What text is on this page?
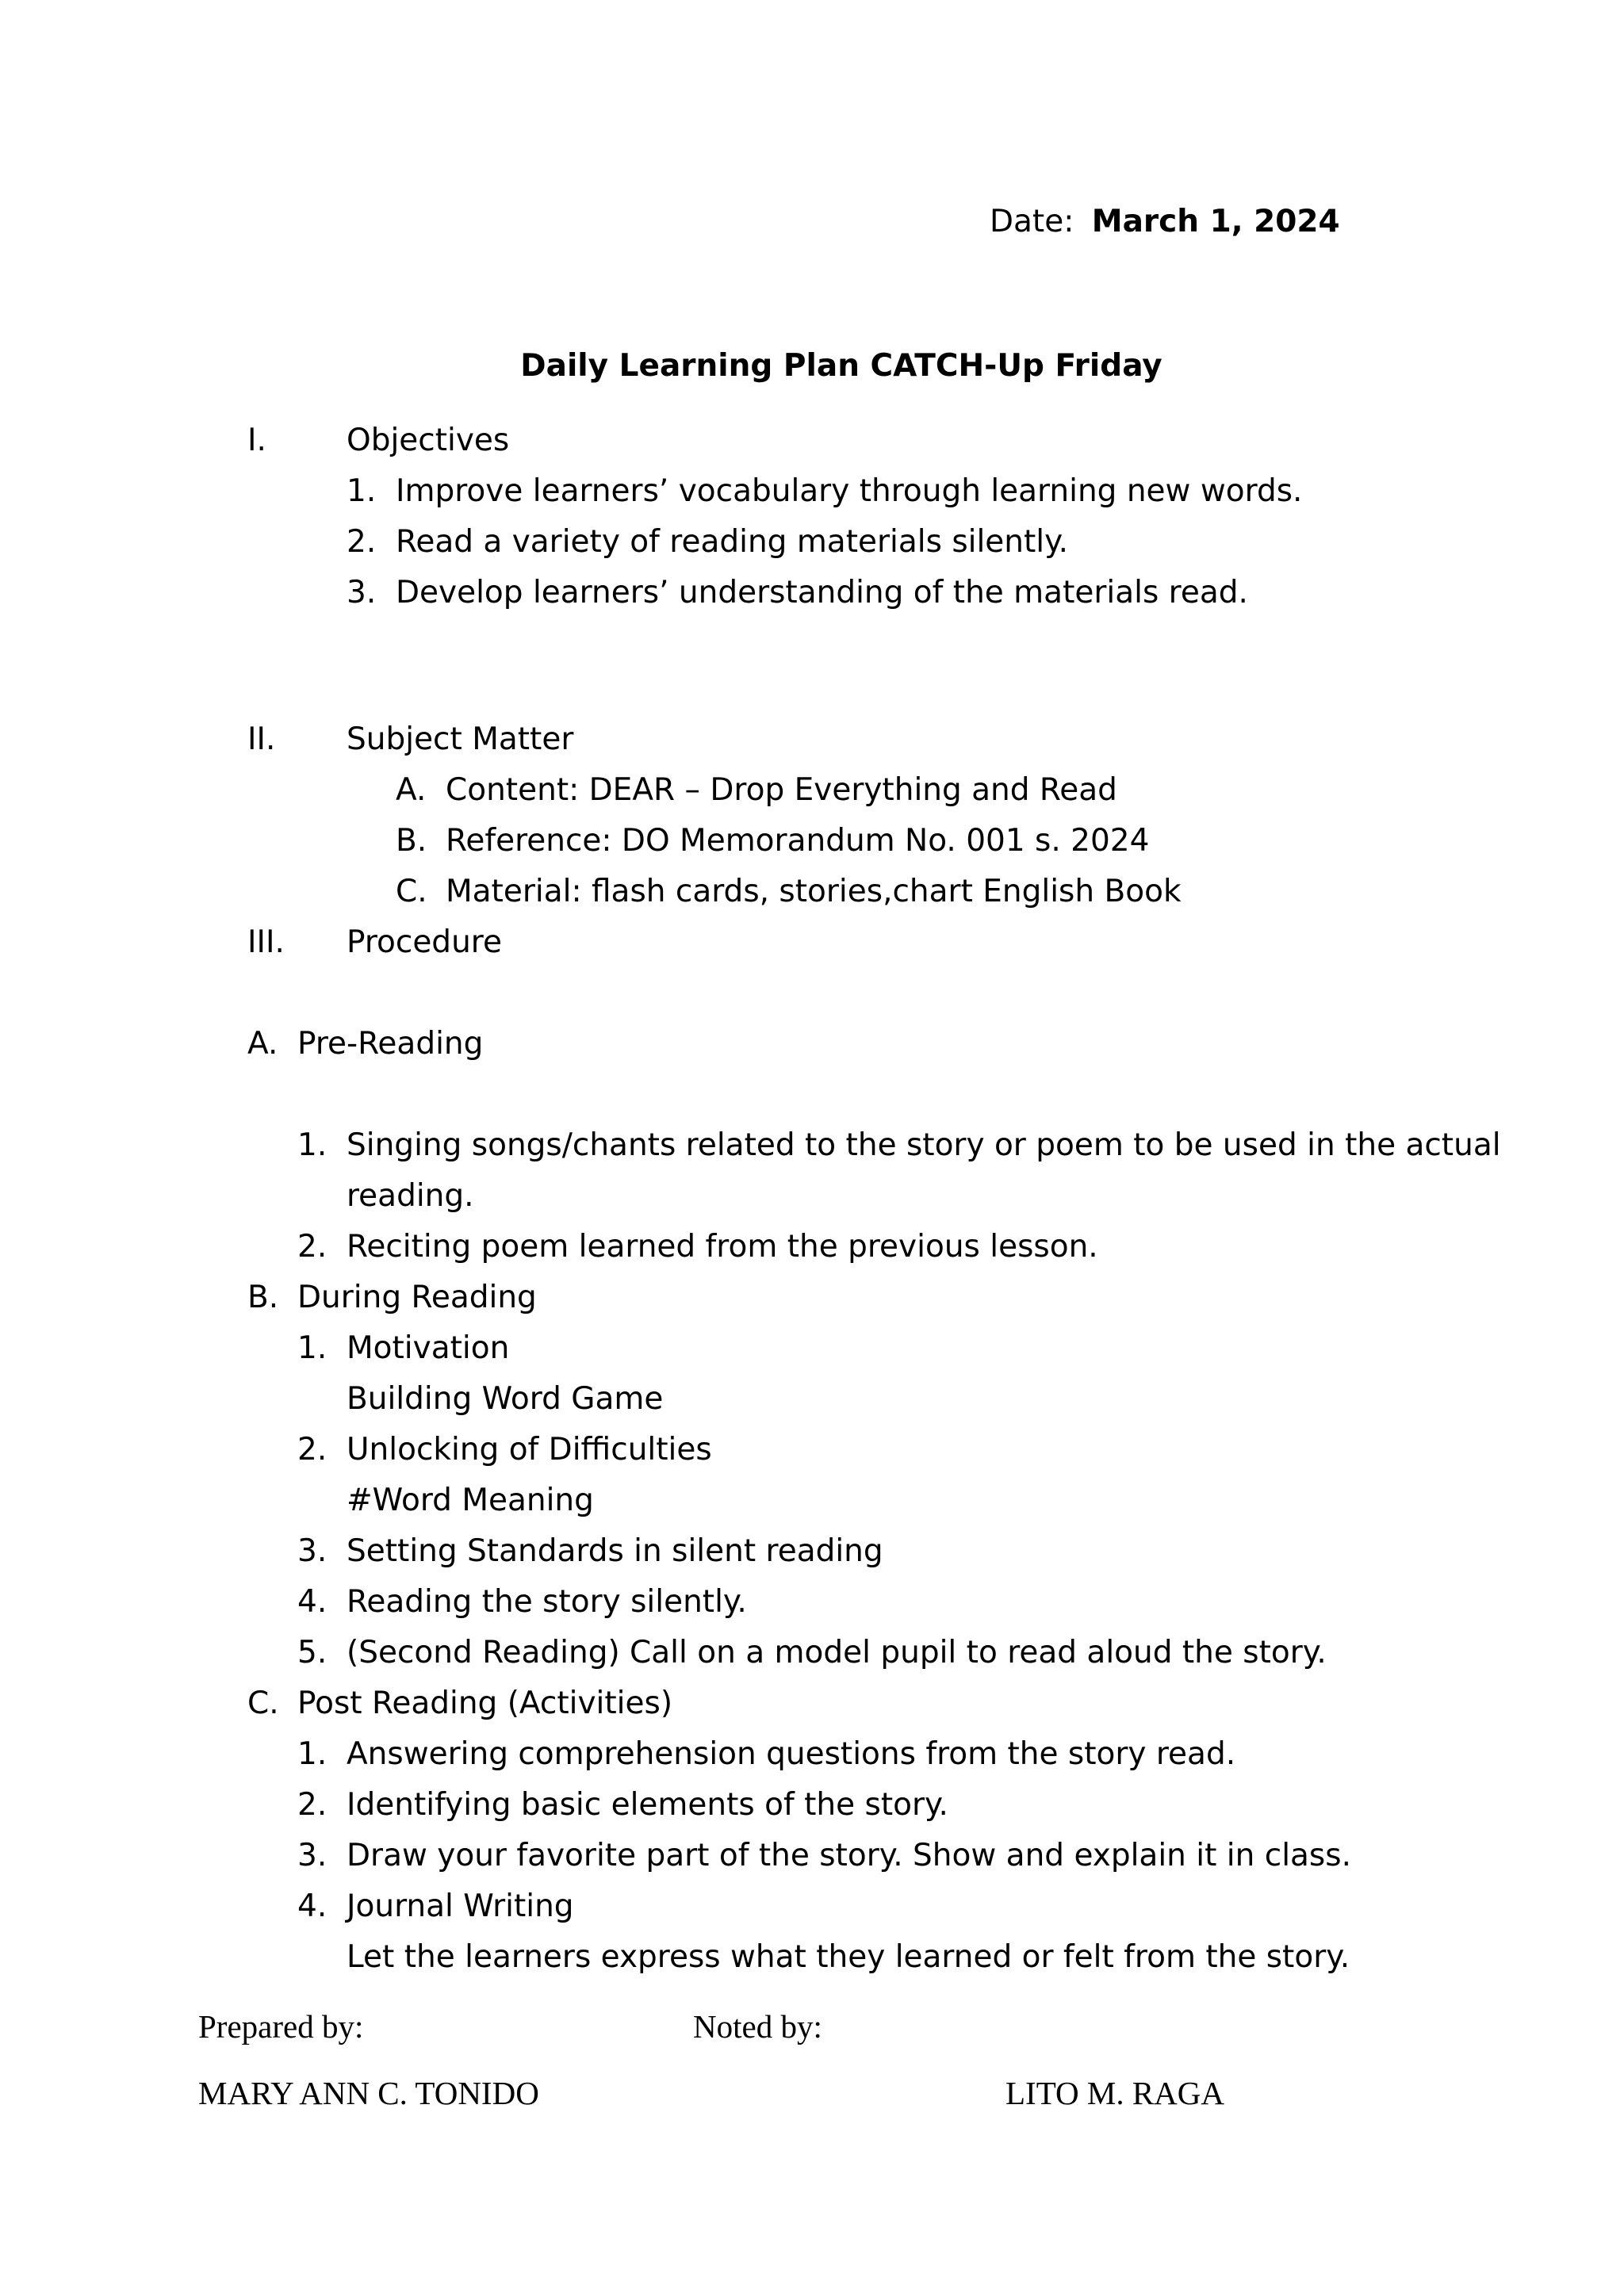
Date: March 1, 2024
Daily Learning Plan CATCH-Up Friday
I.	Objectives
1. Improve learners’ vocabulary through learning new words.
2. Read a variety of reading materials silently.
3. Develop learners’ understanding of the materials read.
II. Subject Matter
A. Content: DEAR – Drop Everything and Read
B. Reference: DO Memorandum No. 001 s. 2024
C. Material: flash cards, stories,chart English Book
III. Procedure
A. Pre-Reading
1. Singing songs/chants related to the story or poem to be used in the actual
reading.
2. Reciting poem learned from the previous lesson.
B. During Reading
1. Motivation
Building Word Game
2. Unlocking of Difficulties
#Word Meaning
3. Setting Standards in silent reading
4. Reading the story silently.
5. (Second Reading) Call on a model pupil to read aloud the story.
C. Post Reading (Activities)
1. Answering comprehension questions from the story read.
2. Identifying basic elements of the story.
3. Draw your favorite part of the story. Show and explain it in class.
4. Journal Writing
Let the learners express what they learned or felt from the story.
Prepared by:	Noted by:
MARY ANN C. TONIDO	LITO M. RAGA
